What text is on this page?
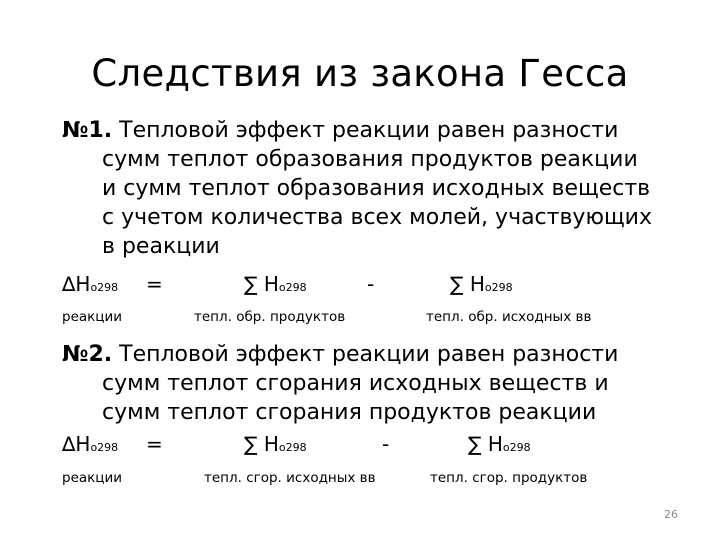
Следствия из закона Гесса
№1. Тепловой эффект реакции равен разности
сумм теплот образования продуктов реакции
и сумм теплот образования исходных веществ
с учетом количества всех молей, участвующих
в реакции
∆Ho298 =	∑ Ho298	-	∑ Ho298
реакции	тепл. обр. продуктов	тепл. обр. исходных вв
№2. Тепловой эффект реакции равен разности
сумм теплот сгорания исходных веществ и
сумм теплот сгорания продуктов реакции
∆Ho298 =	∑ Ho298	-	∑ Ho298
реакции	тепл. сгор. исходных вв	тепл. сгор. продуктов
26
